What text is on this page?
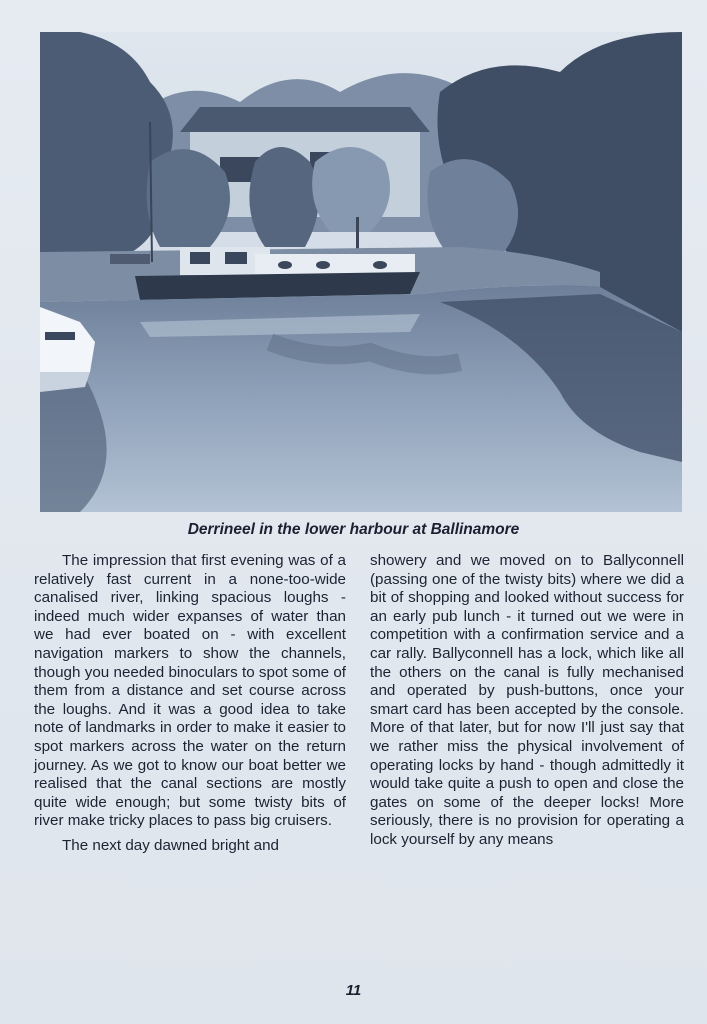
Derrineel in the lower harbour at Ballinamore

The impression that first evening was of a relatively fast current in a none-too-wide canalised river, linking spacious loughs - indeed much wider expanses of water than we had ever boated on - with excellent navigation markers to show the channels, though you needed binoculars to spot some of them from a distance and set course across the loughs. And it was a good idea to take note of landmarks in order to make it easier to spot markers across the water on the return journey. As we got to know our boat better we realised that the canal sections are mostly quite wide enough; but some twisty bits of river make tricky places to pass big cruisers.

The next day dawned bright and

showery and we moved on to Ballyconnell (passing one of the twisty bits) where we did a bit of shopping and looked without success for an early pub lunch - it turned out we were in competition with a confirmation service and a car rally. Ballyconnell has a lock, which like all the others on the canal is fully mechanised and operated by push-buttons, once your smart card has been accepted by the console. More of that later, but for now I'll just say that we rather miss the physical involvement of operating locks by hand - though admittedly it would take quite a push to open and close the gates on some of the deeper locks! More seriously, there is no provision for operating a lock yourself by any means

11
